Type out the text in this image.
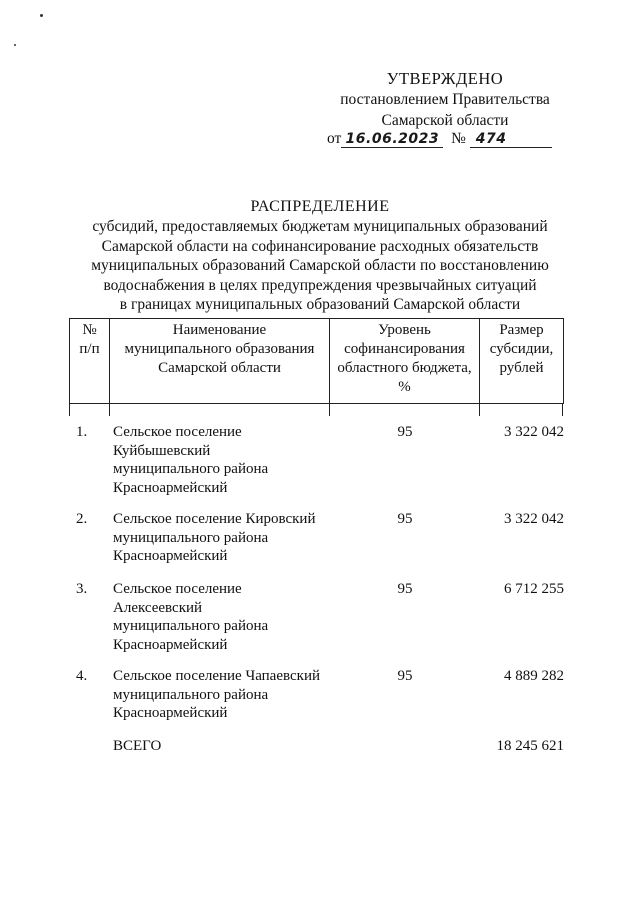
УТВЕРЖДЕНО
постановлением Правительства
Самарской области
от 16.06.2023 № 474
РАСПРЕДЕЛЕНИЕ
субсидий, предоставляемых бюджетам муниципальных образований
Самарской области на софинансирование расходных обязательств
муниципальных образований Самарской области по восстановлению
водоснабжения в целях предупреждения чрезвычайных ситуаций
в границах муниципальных образований Самарской области
№
п/п

Наименование
муниципального образования
Самарской области

Уровень
софинансирования
областного бюджета,
%

Размер
субсидии,
рублей
1.	Сельское поселение
Куйбышевский
муниципального района
Красноармейский
95	3 322 042
2.	Сельское поселение Кировский
муниципального района
Красноармейский
95	3 322 042
3.	Сельское поселение
Алексеевский
муниципального района
Красноармейский
95	6 712 255
4.	Сельское поселение Чапаевский
муниципального района
Красноармейский
95	4 889 282
ВСЕГО	18 245 621
